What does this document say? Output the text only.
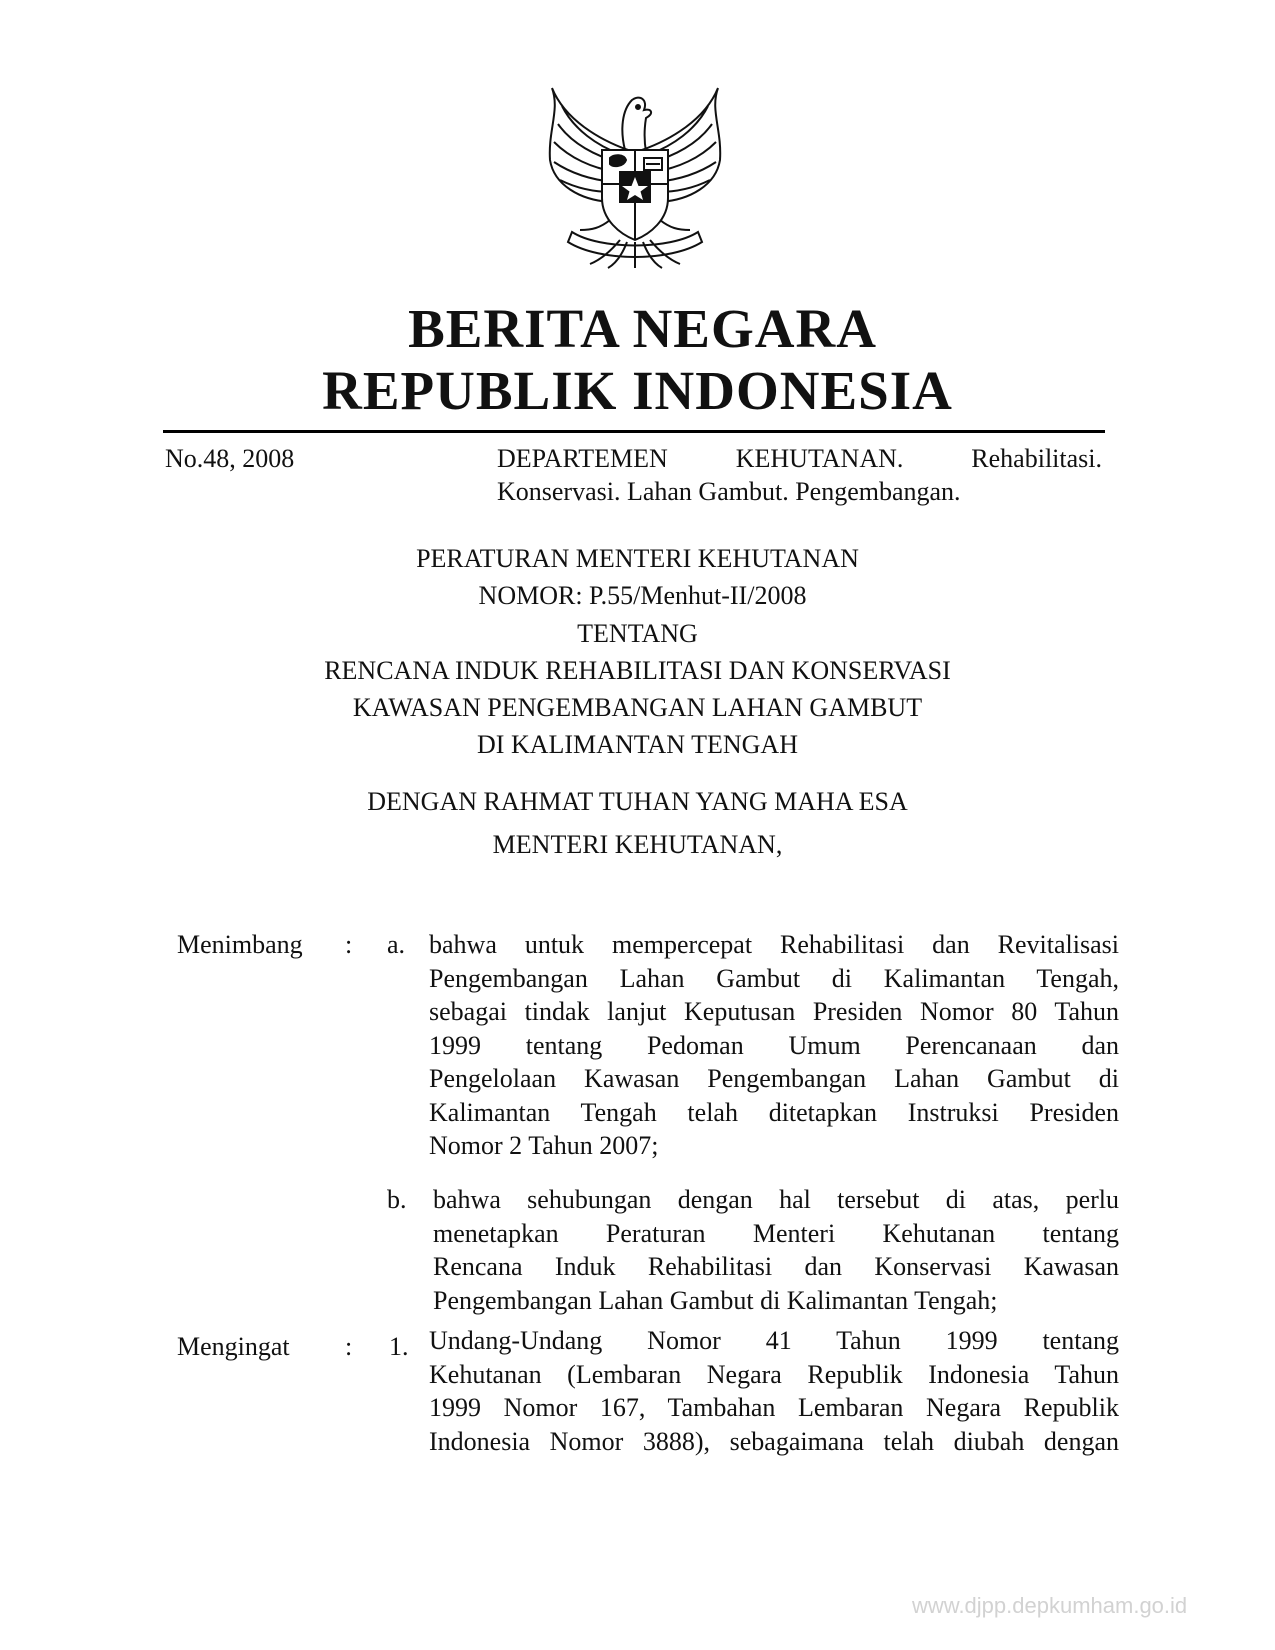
BERITA NEGARA
REPUBLIK INDONESIA
No.48, 2008	DEPARTEMEN	KEHUTANAN.	Rehabilitasi.
Konservasi. Lahan Gambut. Pengembangan.
PERATURAN MENTERI KEHUTANAN
NOMOR: P.55/Menhut-II/2008
TENTANG
RENCANA INDUK REHABILITASI DAN KONSERVASI
KAWASAN PENGEMBANGAN LAHAN GAMBUT
DI KALIMANTAN TENGAH
DENGAN RAHMAT TUHAN YANG MAHA ESA
MENTERI KEHUTANAN,
Menimbang : a. bahwa untuk mempercepat Rehabilitasi dan Revitalisasi
Pengembangan Lahan Gambut di Kalimantan Tengah,
sebagai tindak lanjut Keputusan Presiden Nomor 80 Tahun
1999 tentang Pedoman Umum Perencanaan dan
Pengelolaan Kawasan Pengembangan Lahan Gambut di
Kalimantan Tengah telah ditetapkan Instruksi Presiden
Nomor 2 Tahun 2007;
b. bahwa sehubungan dengan hal tersebut di atas, perlu
menetapkan Peraturan Menteri Kehutanan tentang
Rencana Induk Rehabilitasi dan Konservasi Kawasan
Pengembangan Lahan Gambut di Kalimantan Tengah;
Mengingat : 1. Undang-Undang Nomor 41 Tahun 1999 tentang
Kehutanan (Lembaran Negara Republik Indonesia Tahun
1999 Nomor 167, Tambahan Lembaran Negara Republik
Indonesia Nomor 3888), sebagaimana telah diubah dengan
www.djpp.depkumham.go.id
